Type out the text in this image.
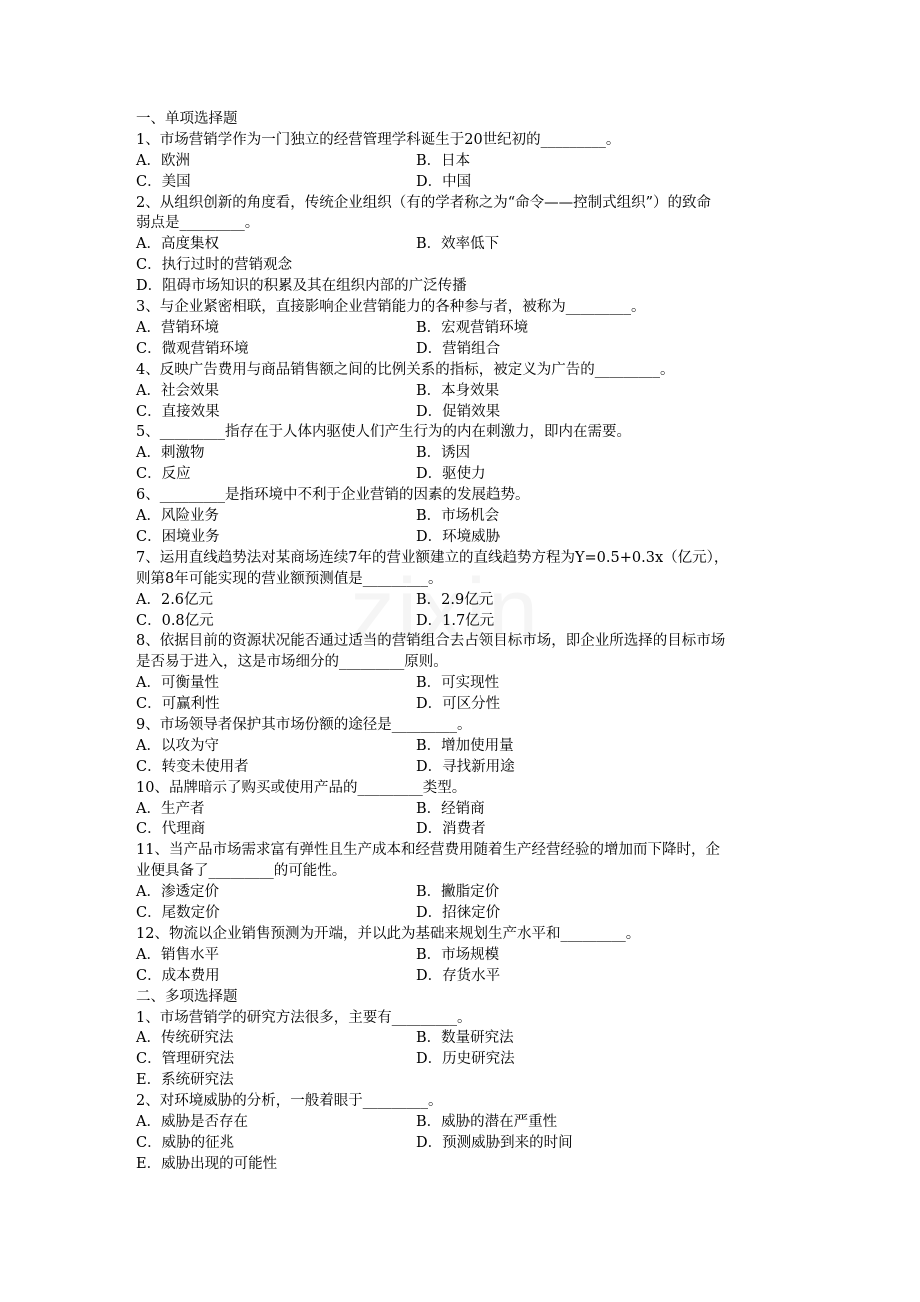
一、单项选择题
1、市场营销学作为一门独立的经营管理学科诞生于20世纪初的_________。
A．欧洲	B．日本
C．美国	D．中国
2、从组织创新的角度看，传统企业组织（有的学者称之为“命令——控制式组织”）的致命
弱点是_________。
A．高度集权	B．效率低下
C．执行过时的营销观念
D．阻碍市场知识的积累及其在组织内部的广泛传播
3、与企业紧密相联，直接影响企业营销能力的各种参与者，被称为_________。
A．营销环境	B．宏观营销环境
C．微观营销环境	D．营销组合
4、反映广告费用与商品销售额之间的比例关系的指标，被定义为广告的_________。
A．社会效果	B．本身效果
C．直接效果	D．促销效果
5、_________指存在于人体内驱使人们产生行为的内在刺激力，即内在需要。
A．刺激物	B．诱因
C．反应	D．驱使力
6、_________是指环境中不利于企业营销的因素的发展趋势。
A．风险业务	B．市场机会
C．困境业务	D．环境威胁
7、运用直线趋势法对某商场连续7年的营业额建立的直线趋势方程为Y=0.5+0.3x（亿元），
则第8年可能实现的营业额预测值是_________。
A．2.6亿元	B．2.9亿元
C．0.8亿元	D．1.7亿元
8、依据目前的资源状况能否通过适当的营销组合去占领目标市场，即企业所选择的目标市场
是否易于进入，这是市场细分的_________原则。
A．可衡量性	B．可实现性
C．可赢利性	D．可区分性
9、市场领导者保护其市场份额的途径是_________。
A．以攻为守	B．增加使用量
C．转变未使用者	D．寻找新用途
10、品牌暗示了购买或使用产品的_________类型。
A．生产者	B．经销商
C．代理商	D．消费者
11、当产品市场需求富有弹性且生产成本和经营费用随着生产经营经验的增加而下降时，企
业便具备了_________的可能性。
A．渗透定价	B．撇脂定价
C．尾数定价	D．招徕定价
12、物流以企业销售预测为开端，并以此为基础来规划生产水平和_________。
A．销售水平	B．市场规模
C．成本费用	D．存货水平
二、多项选择题
1、市场营销学的研究方法很多，主要有_________。
A．传统研究法	B．数量研究法
C．管理研究法	D．历史研究法
E．系统研究法
2、对环境威胁的分析，一般着眼于_________。
A．威胁是否存在	B．威胁的潜在严重性
C．威胁的征兆	D．预测威胁到来的时间
E．威胁出现的可能性
